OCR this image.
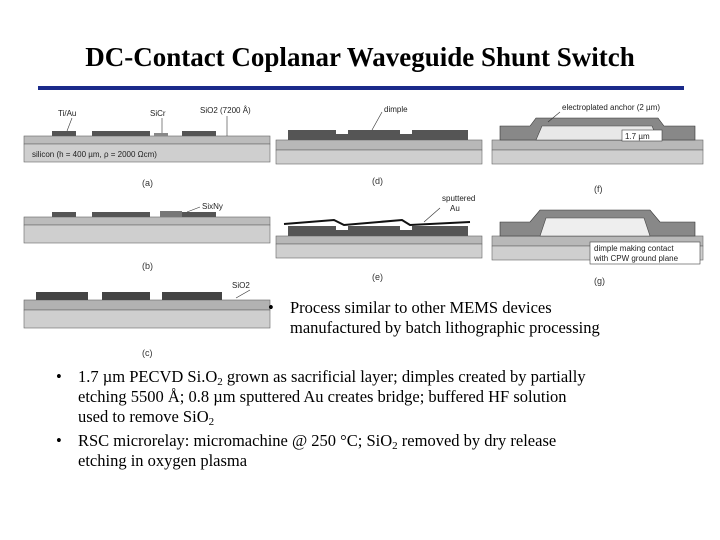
DC-Contact Coplanar Waveguide Shunt Switch
Ti/Au	SiCr	SiO2 (7200 Å)
silicon (h = 400 µm, ρ = 2000 Ωcm)
(a)
SixNy
(b)
SiO2
(c)
dimple
(d)
sputtered
Au
(e)
electroplated anchor (2 µm)
1.7 µm
(f)
dimple making contact
with CPW ground plane
(g)
• Process similar to other MEMS devices
manufactured by batch lithographic processing
• 1.7 µm PECVD $Si.O_2$ grown as sacrificial layer; dimples created by partially
etching 5500 Å; 0.8 µm sputtered Au creates bridge; buffered HF solution
used to remove SiO$_2$
• RSC microrelay: micromachine @ 250 °C; SiO$_2$ removed by dry release
etching in oxygen plasma
